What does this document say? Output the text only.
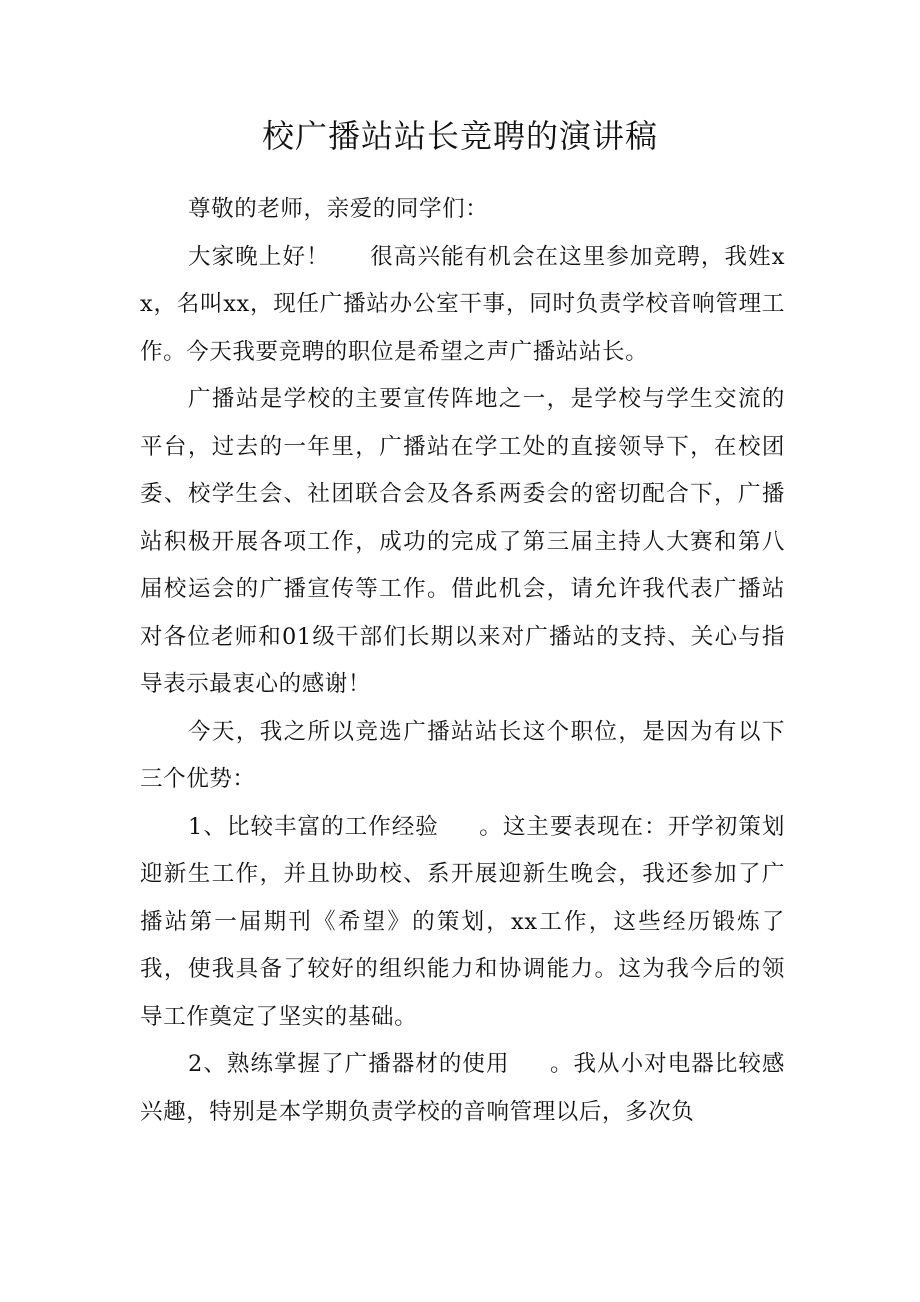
校广播站站长竞聘的演讲稿

尊敬的老师，亲爱的同学们：

大家晚上好！ 很高兴能有机会在这里参加竞聘，我姓xx，名叫xx，现任广播站办公室干事，同时负责学校音响管理工作。今天我要竞聘的职位是希望之声广播站站长。

广播站是学校的主要宣传阵地之一，是学校与学生交流的平台，过去的一年里，广播站在学工处的直接领导下，在校团委、校学生会、社团联合会及各系两委会的密切配合下，广播站积极开展各项工作，成功的完成了第三届主持人大赛和第八届校运会的广播宣传等工作。借此机会，请允许我代表广播站对各位老师和01级干部们长期以来对广播站的支持、关心与指导表示最衷心的感谢！

今天，我之所以竞选广播站站长这个职位，是因为有以下三个优势：

1、比较丰富的工作经验 。这主要表现在：开学初策划迎新生工作，并且协助校、系开展迎新生晚会，我还参加了广播站第一届期刊《希望》的策划，xx工作，这些经历锻炼了我，使我具备了较好的组织能力和协调能力。这为我今后的领导工作奠定了坚实的基础。

2、熟练掌握了广播器材的使用 。我从小对电器比较感兴趣，特别是本学期负责学校的音响管理以后，多次负
